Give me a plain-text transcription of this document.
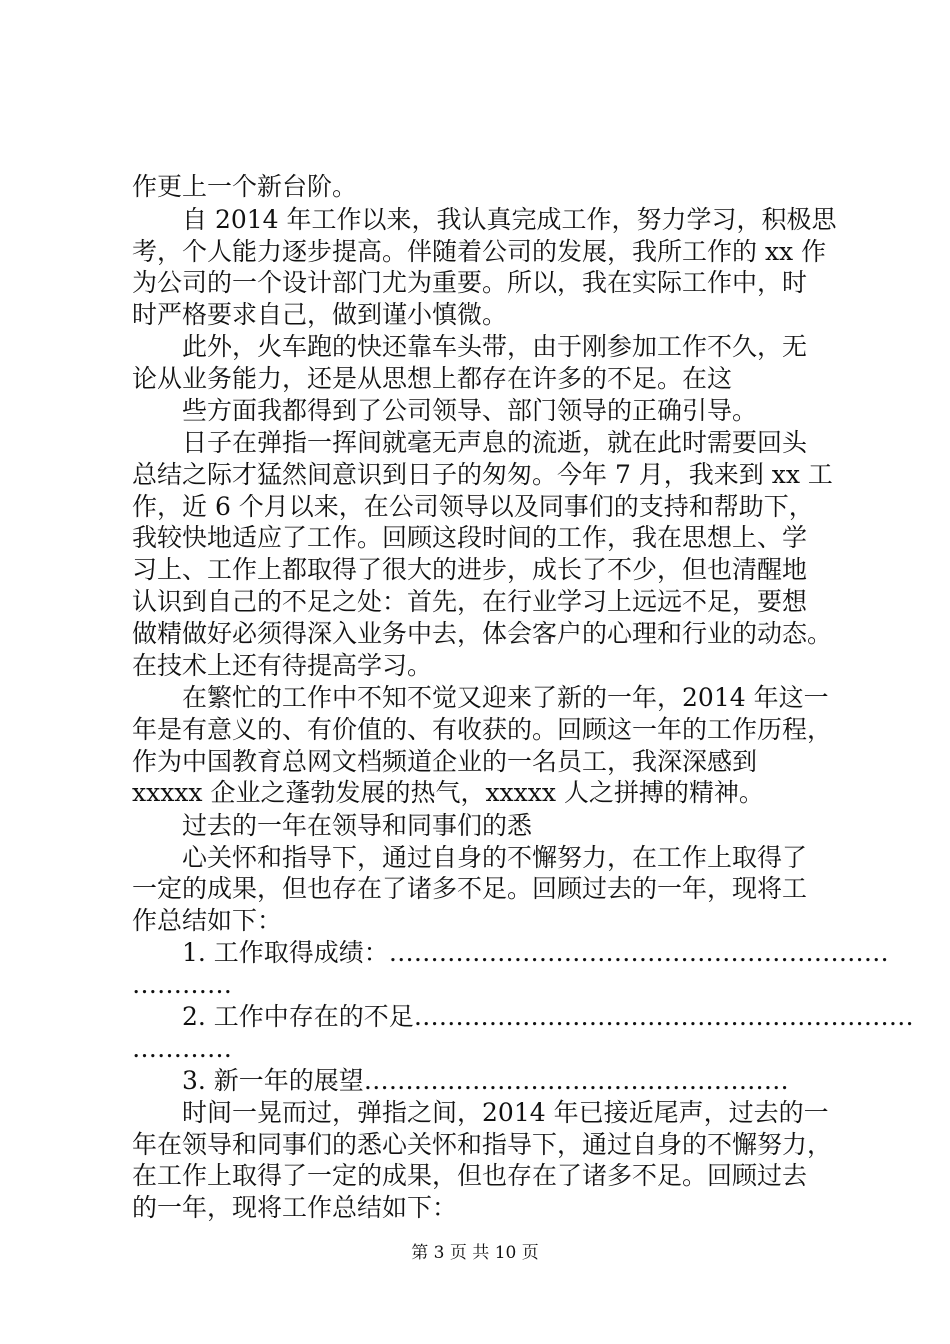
作更上一个新台阶。
　　自 2014 年工作以来，我认真完成工作，努力学习，积极思
考，个人能力逐步提高。伴随着公司的发展，我所工作的 xx 作
为公司的一个设计部门尤为重要。所以，我在实际工作中，时
时严格要求自己，做到谨小慎微。
　　此外，火车跑的快还靠车头带，由于刚参加工作不久，无
论从业务能力，还是从思想上都存在许多的不足。在这
　　些方面我都得到了公司领导、部门领导的正确引导。
　　日子在弹指一挥间就毫无声息的流逝，就在此时需要回头
总结之际才猛然间意识到日子的匆匆。今年 7 月，我来到 xx 工
作，近 6 个月以来，在公司领导以及同事们的支持和帮助下，
我较快地适应了工作。回顾这段时间的工作，我在思想上、学
习上、工作上都取得了很大的进步，成长了不少，但也清醒地
认识到自己的不足之处：首先，在行业学习上远远不足，要想
做精做好必须得深入业务中去，体会客户的心理和行业的动态。
在技术上还有待提高学习。
　　在繁忙的工作中不知不觉又迎来了新的一年，2014 年这一
年是有意义的、有价值的、有收获的。回顾这一年的工作历程，
作为中国教育总网文档频道企业的一名员工，我深深感到
xxxxx 企业之蓬勃发展的热气，xxxxx 人之拼搏的精神。
　　过去的一年在领导和同事们的悉
　　心关怀和指导下，通过自身的不懈努力，在工作上取得了
一定的成果，但也存在了诸多不足。回顾过去的一年，现将工
作总结如下：
　　1. 工作取得成绩：……………………………………………………
…………
　　2. 工作中存在的不足……………………………………………………
…………
　　3. 新一年的展望……………………………………………
　　时间一晃而过，弹指之间，2014 年已接近尾声，过去的一
年在领导和同事们的悉心关怀和指导下，通过自身的不懈努力，
在工作上取得了一定的成果，但也存在了诸多不足。回顾过去
的一年，现将工作总结如下：
第 3 页 共 10 页
